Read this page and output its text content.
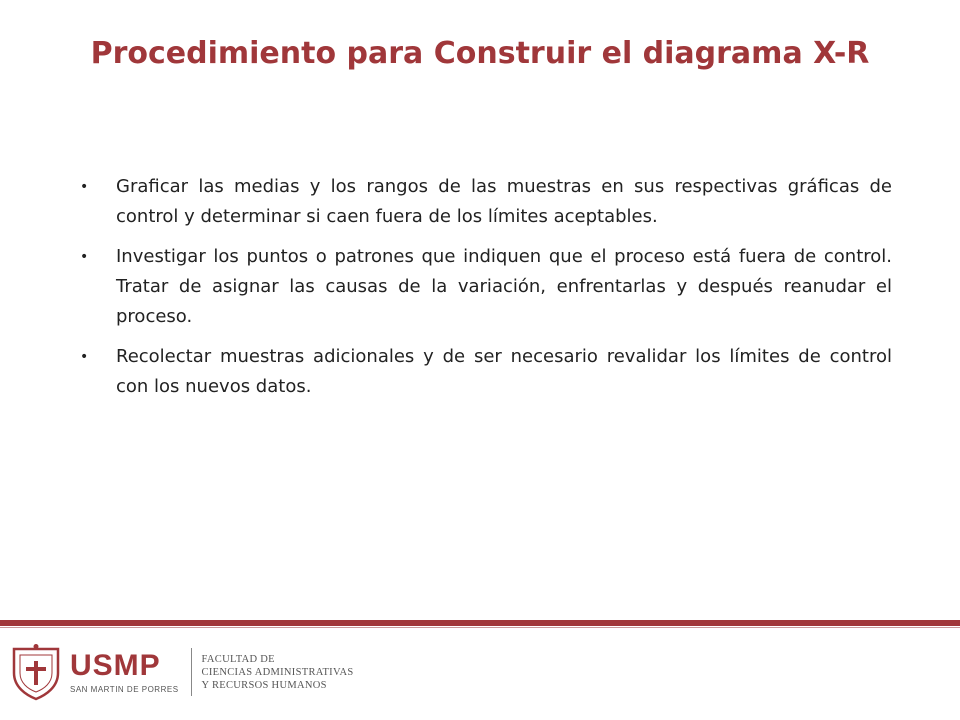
Procedimiento para Construir el diagrama X-R
• Graficar las medias y los rangos de las muestras en sus respectivas gráficas de control y determinar si caen fuera de los límites aceptables.
• Investigar los puntos o patrones que indiquen que el proceso está fuera de control. Tratar de asignar las causas de la variación, enfrentarlas y después reanudar el proceso.
• Recolectar muestras adicionales y de ser necesario revalidar los límites de control con los nuevos datos.
USMP
SAN MARTIN DE PORRES
FACULTAD DE
CIENCIAS ADMINISTRATIVAS
Y RECURSOS HUMANOS
